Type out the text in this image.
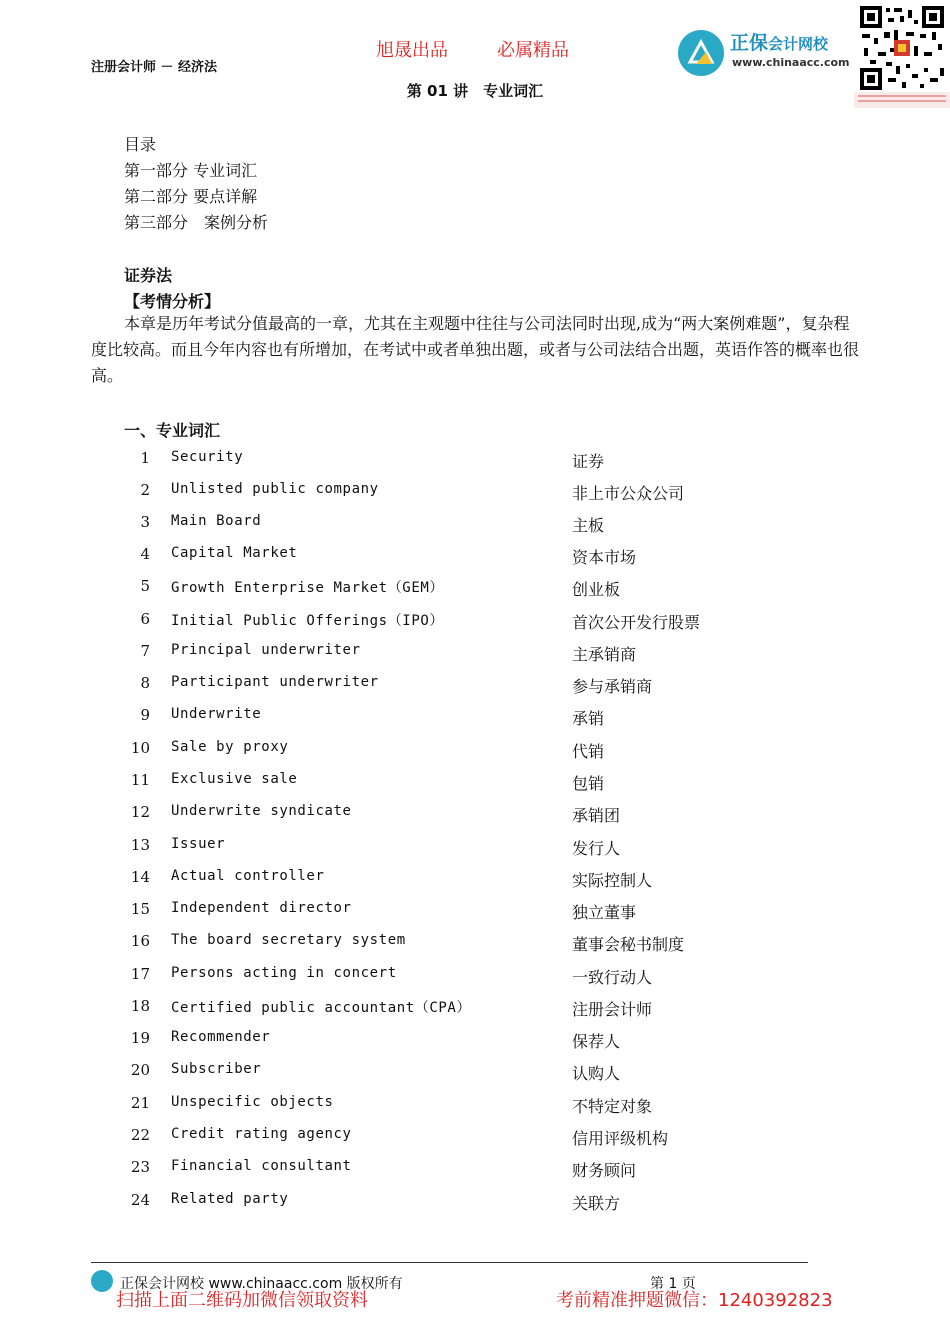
旭晟出品	必属精品
注册会计师 － 经济法
第 01 讲　专业词汇
正保会计网校
www.chinaacc.com
目录
第一部分 专业词汇
第二部分 要点详解
第三部分　案例分析
证券法
【考情分析】
本章是历年考试分值最高的一章，尤其在主观题中往往与公司法同时出现,成为“两大案例难题”，复杂程度比较高。而且今年内容也有所增加，在考试中或者单独出题，或者与公司法结合出题，英语作答的概率也很高。
一、专业词汇
1 Security	证券
2 Unlisted public company	非上市公众公司
3 Main Board	主板
4 Capital Market	资本市场
5 Growth Enterprise Market（GEM）	创业板
6 Initial Public Offerings（IPO）	首次公开发行股票
7 Principal underwriter	主承销商
8 Participant underwriter	参与承销商
9 Underwrite	承销
10 Sale by proxy	代销
11 Exclusive sale	包销
12 Underwrite syndicate	承销团
13 Issuer	发行人
14 Actual controller	实际控制人
15 Independent director	独立董事
16 The board secretary system	董事会秘书制度
17 Persons acting in concert	一致行动人
18 Certified public accountant（CPA）	注册会计师
19 Recommender	保荐人
20 Subscriber	认购人
21 Unspecific objects	不特定对象
22 Credit rating agency	信用评级机构
23 Financial consultant	财务顾问
24 Related party	关联方
正保会计网校 www.chinaacc.com 版权所有	第 1 页
扫描上面二维码加微信领取资料	考前精准押题微信：1240392823
